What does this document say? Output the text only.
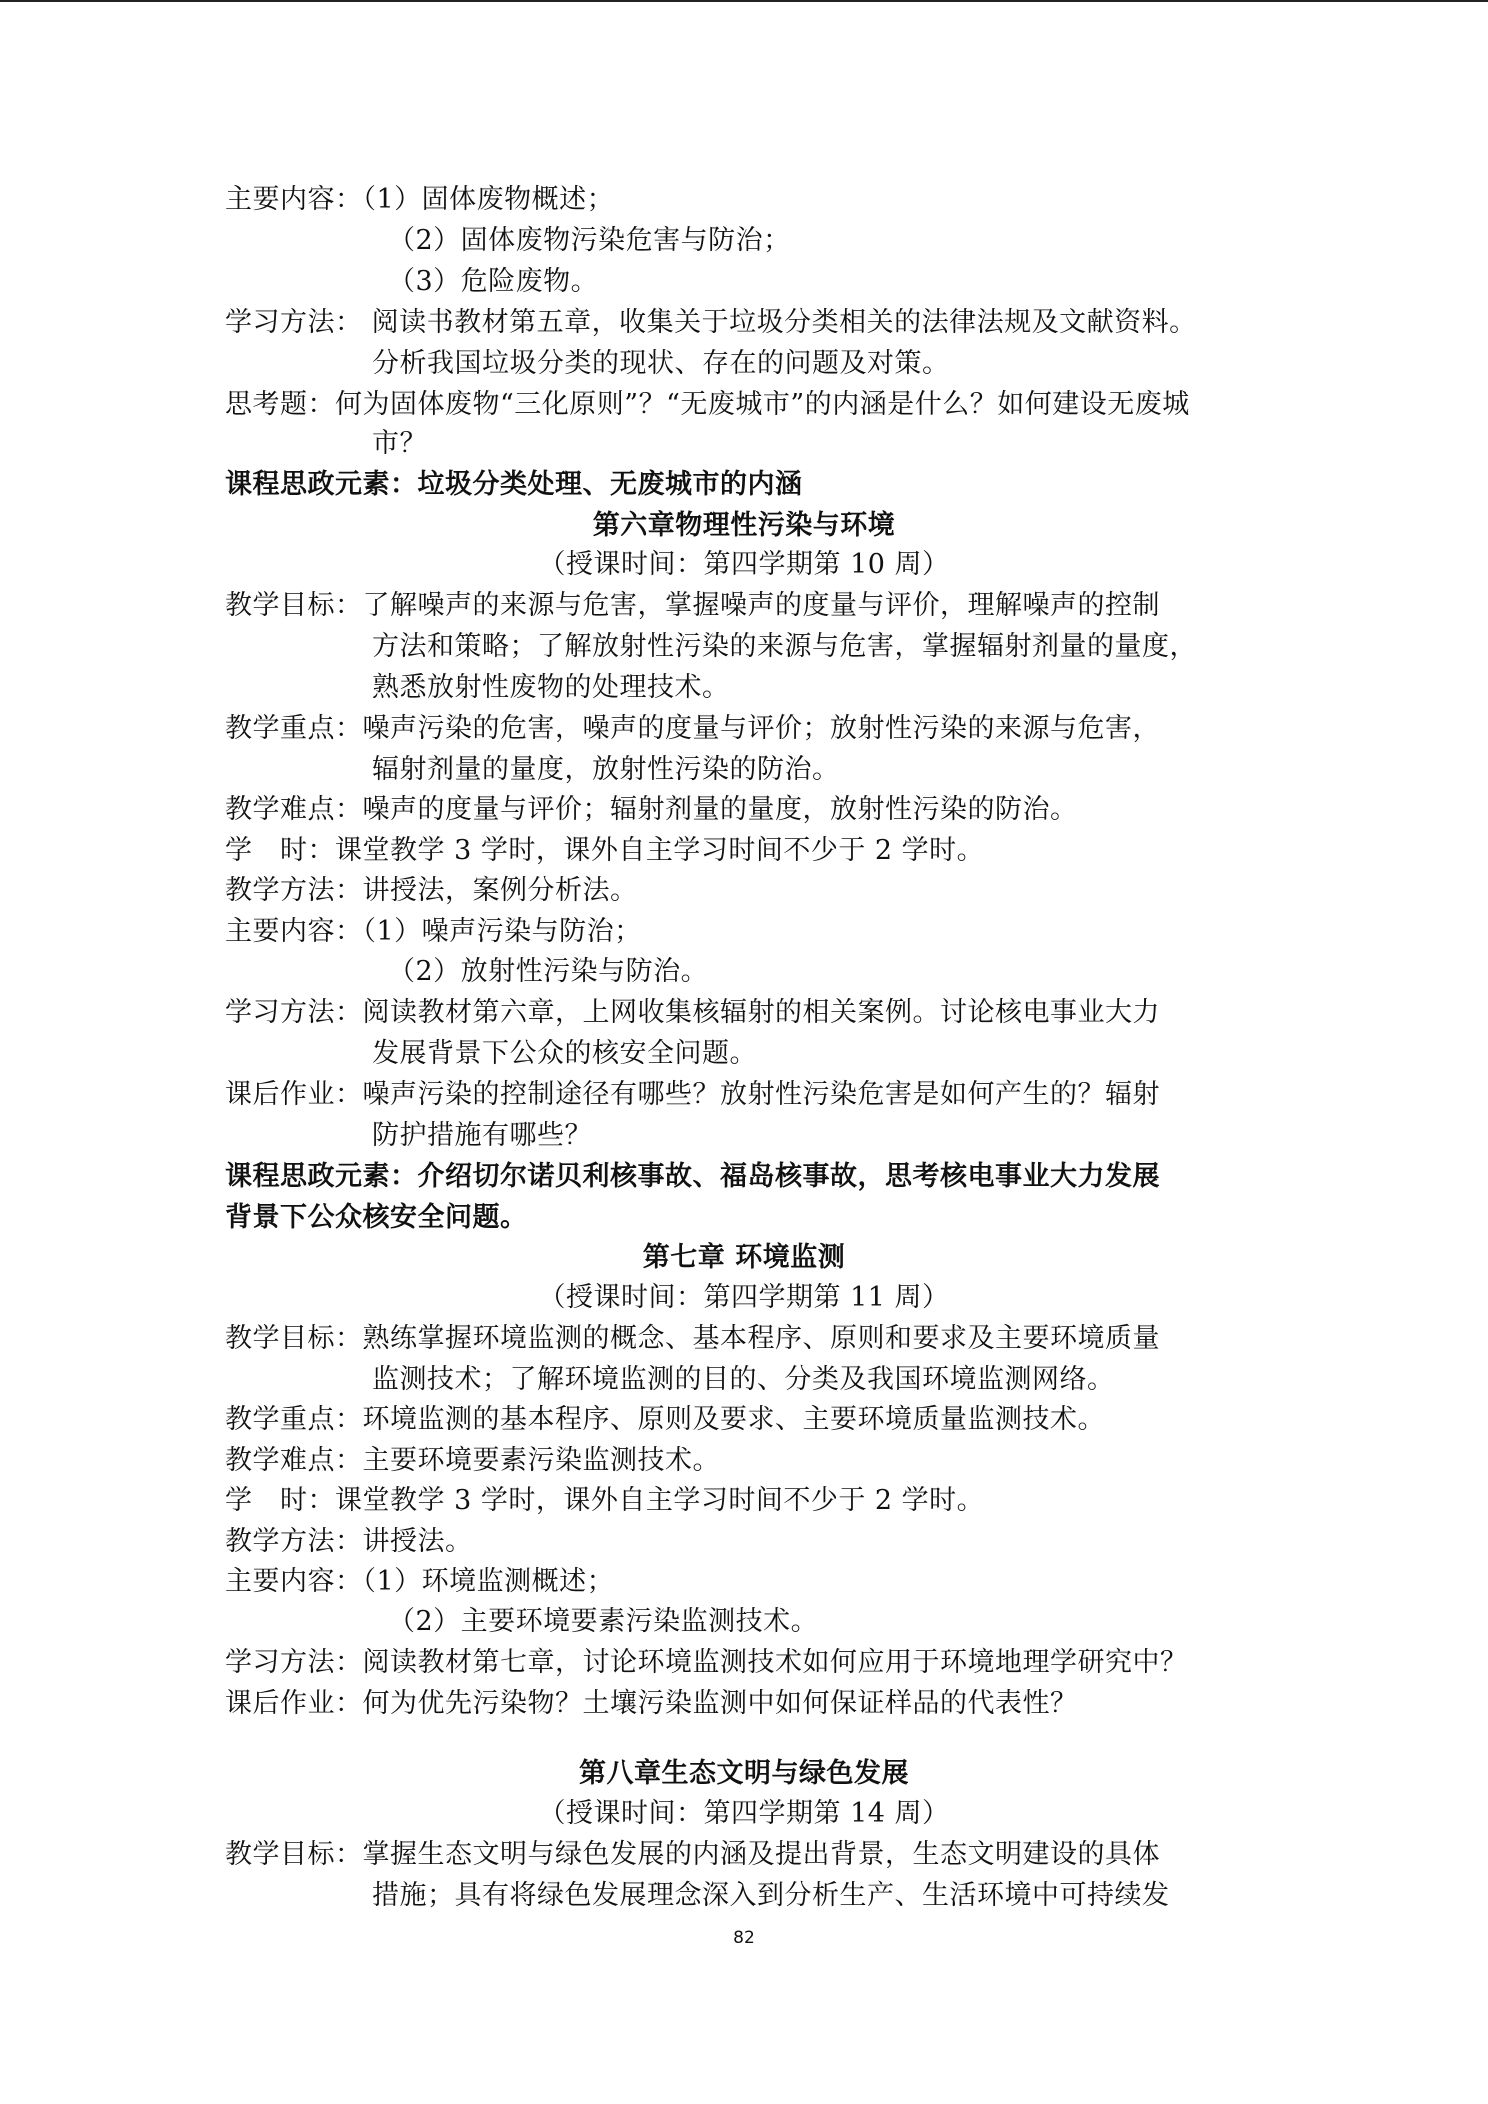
主要内容：（1）固体废物概述；
（2）固体废物污染危害与防治；
（3）危险废物。
学习方法： 阅读书教材第五章，收集关于垃圾分类相关的法律法规及文献资料。
分析我国垃圾分类的现状、存在的问题及对策。
思考题：何为固体废物“三化原则”？“无废城市”的内涵是什么？如何建设无废城
市？
课程思政元素：垃圾分类处理、无废城市的内涵
第六章物理性污染与环境
（授课时间：第四学期第 10 周）
教学目标：了解噪声的来源与危害，掌握噪声的度量与评价，理解噪声的控制
方法和策略；了解放射性污染的来源与危害，掌握辐射剂量的量度，
熟悉放射性废物的处理技术。
教学重点：噪声污染的危害，噪声的度量与评价；放射性污染的来源与危害，
辐射剂量的量度，放射性污染的防治。
教学难点：噪声的度量与评价；辐射剂量的量度，放射性污染的防治。
学　时：课堂教学 3 学时，课外自主学习时间不少于 2 学时。
教学方法：讲授法，案例分析法。
主要内容：（1）噪声污染与防治；
（2）放射性污染与防治。
学习方法：阅读教材第六章，上网收集核辐射的相关案例。讨论核电事业大力
发展背景下公众的核安全问题。
课后作业：噪声污染的控制途径有哪些？放射性污染危害是如何产生的？辐射
防护措施有哪些？
课程思政元素：介绍切尔诺贝利核事故、福岛核事故，思考核电事业大力发展
背景下公众核安全问题。
第七章 环境监测
（授课时间：第四学期第 11 周）
教学目标：熟练掌握环境监测的概念、基本程序、原则和要求及主要环境质量
监测技术；了解环境监测的目的、分类及我国环境监测网络。
教学重点：环境监测的基本程序、原则及要求、主要环境质量监测技术。
教学难点：主要环境要素污染监测技术。
学　时：课堂教学 3 学时，课外自主学习时间不少于 2 学时。
教学方法：讲授法。
主要内容：（1）环境监测概述；
（2）主要环境要素污染监测技术。
学习方法：阅读教材第七章，讨论环境监测技术如何应用于环境地理学研究中？
课后作业：何为优先污染物？土壤污染监测中如何保证样品的代表性？
第八章生态文明与绿色发展
（授课时间：第四学期第 14 周）
教学目标：掌握生态文明与绿色发展的内涵及提出背景，生态文明建设的具体
措施；具有将绿色发展理念深入到分析生产、生活环境中可持续发
82
